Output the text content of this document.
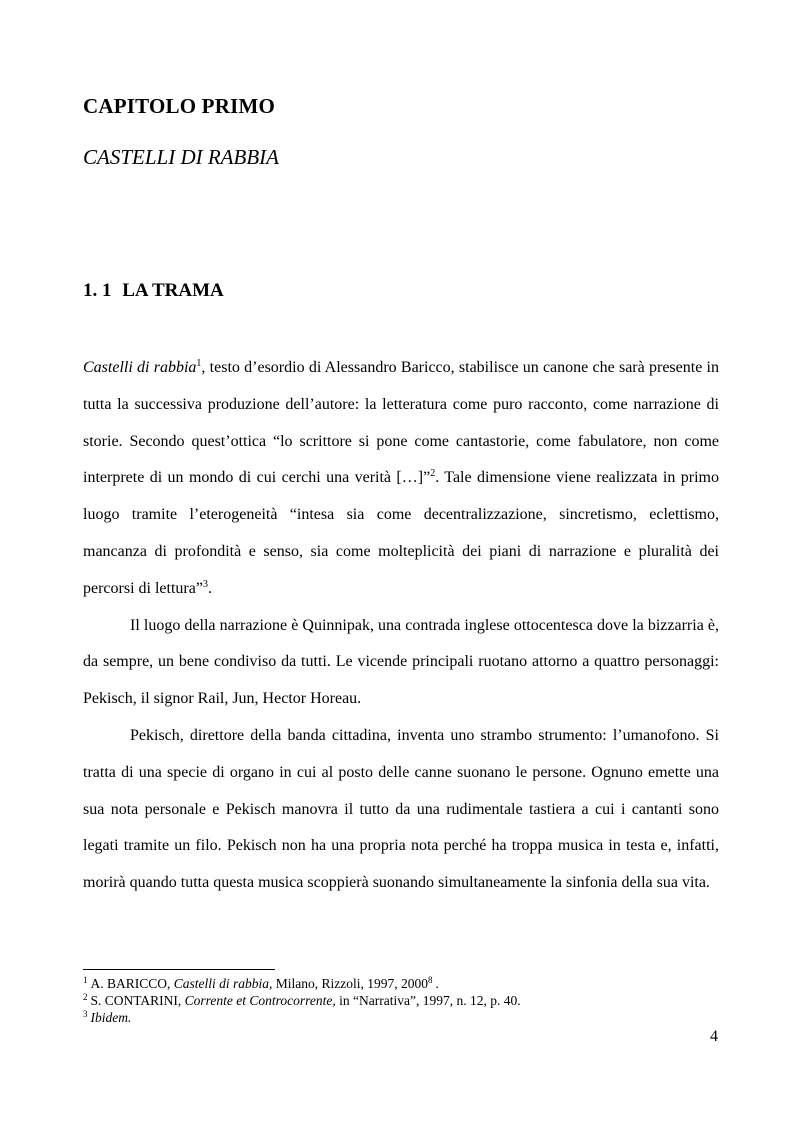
CAPITOLO PRIMO
CASTELLI DI RABBIA
1. 1 LA TRAMA

Castelli di rabbia$^1$, testo d’esordio di Alessandro Baricco, stabilisce un canone che sarà presente in tutta la successiva produzione dell’autore: la letteratura come puro racconto, come narrazione di storie. Secondo quest’ottica “lo scrittore si pone come cantastorie, come fabulatore, non come interprete di un mondo di cui cerchi una verità […]”$^2$. Tale dimensione viene realizzata in primo luogo tramite l’eterogeneità “intesa sia come decentralizzazione, sincretismo, eclettismo, mancanza di profondità e senso, sia come molteplicità dei piani di narrazione e pluralità dei percorsi di lettura”$^3$.

Il luogo della narrazione è Quinnipak, una contrada inglese ottocentesca dove la bizzarria è, da sempre, un bene condiviso da tutti. Le vicende principali ruotano attorno a quattro personaggi: Pekisch, il signor Rail, Jun, Hector Horeau.

Pekisch, direttore della banda cittadina, inventa uno strambo strumento: l’umanofono. Si tratta di una specie di organo in cui al posto delle canne suonano le persone. Ognuno emette una sua nota personale e Pekisch manovra il tutto da una rudimentale tastiera a cui i cantanti sono legati tramite un filo. Pekisch non ha una propria nota perché ha troppa musica in testa e, infatti, morirà quando tutta questa musica scoppierà suonando simultaneamente la sinfonia della sua vita.

$^1$ A. BARICCO, Castelli di rabbia, Milano, Rizzoli, 1997, 2000$^8$ .
$^2$ S. CONTARINI, Corrente et Controcorrente, in “Narrativa”, 1997, n. 12, p. 40.
$^3$ Ibidem.
4
